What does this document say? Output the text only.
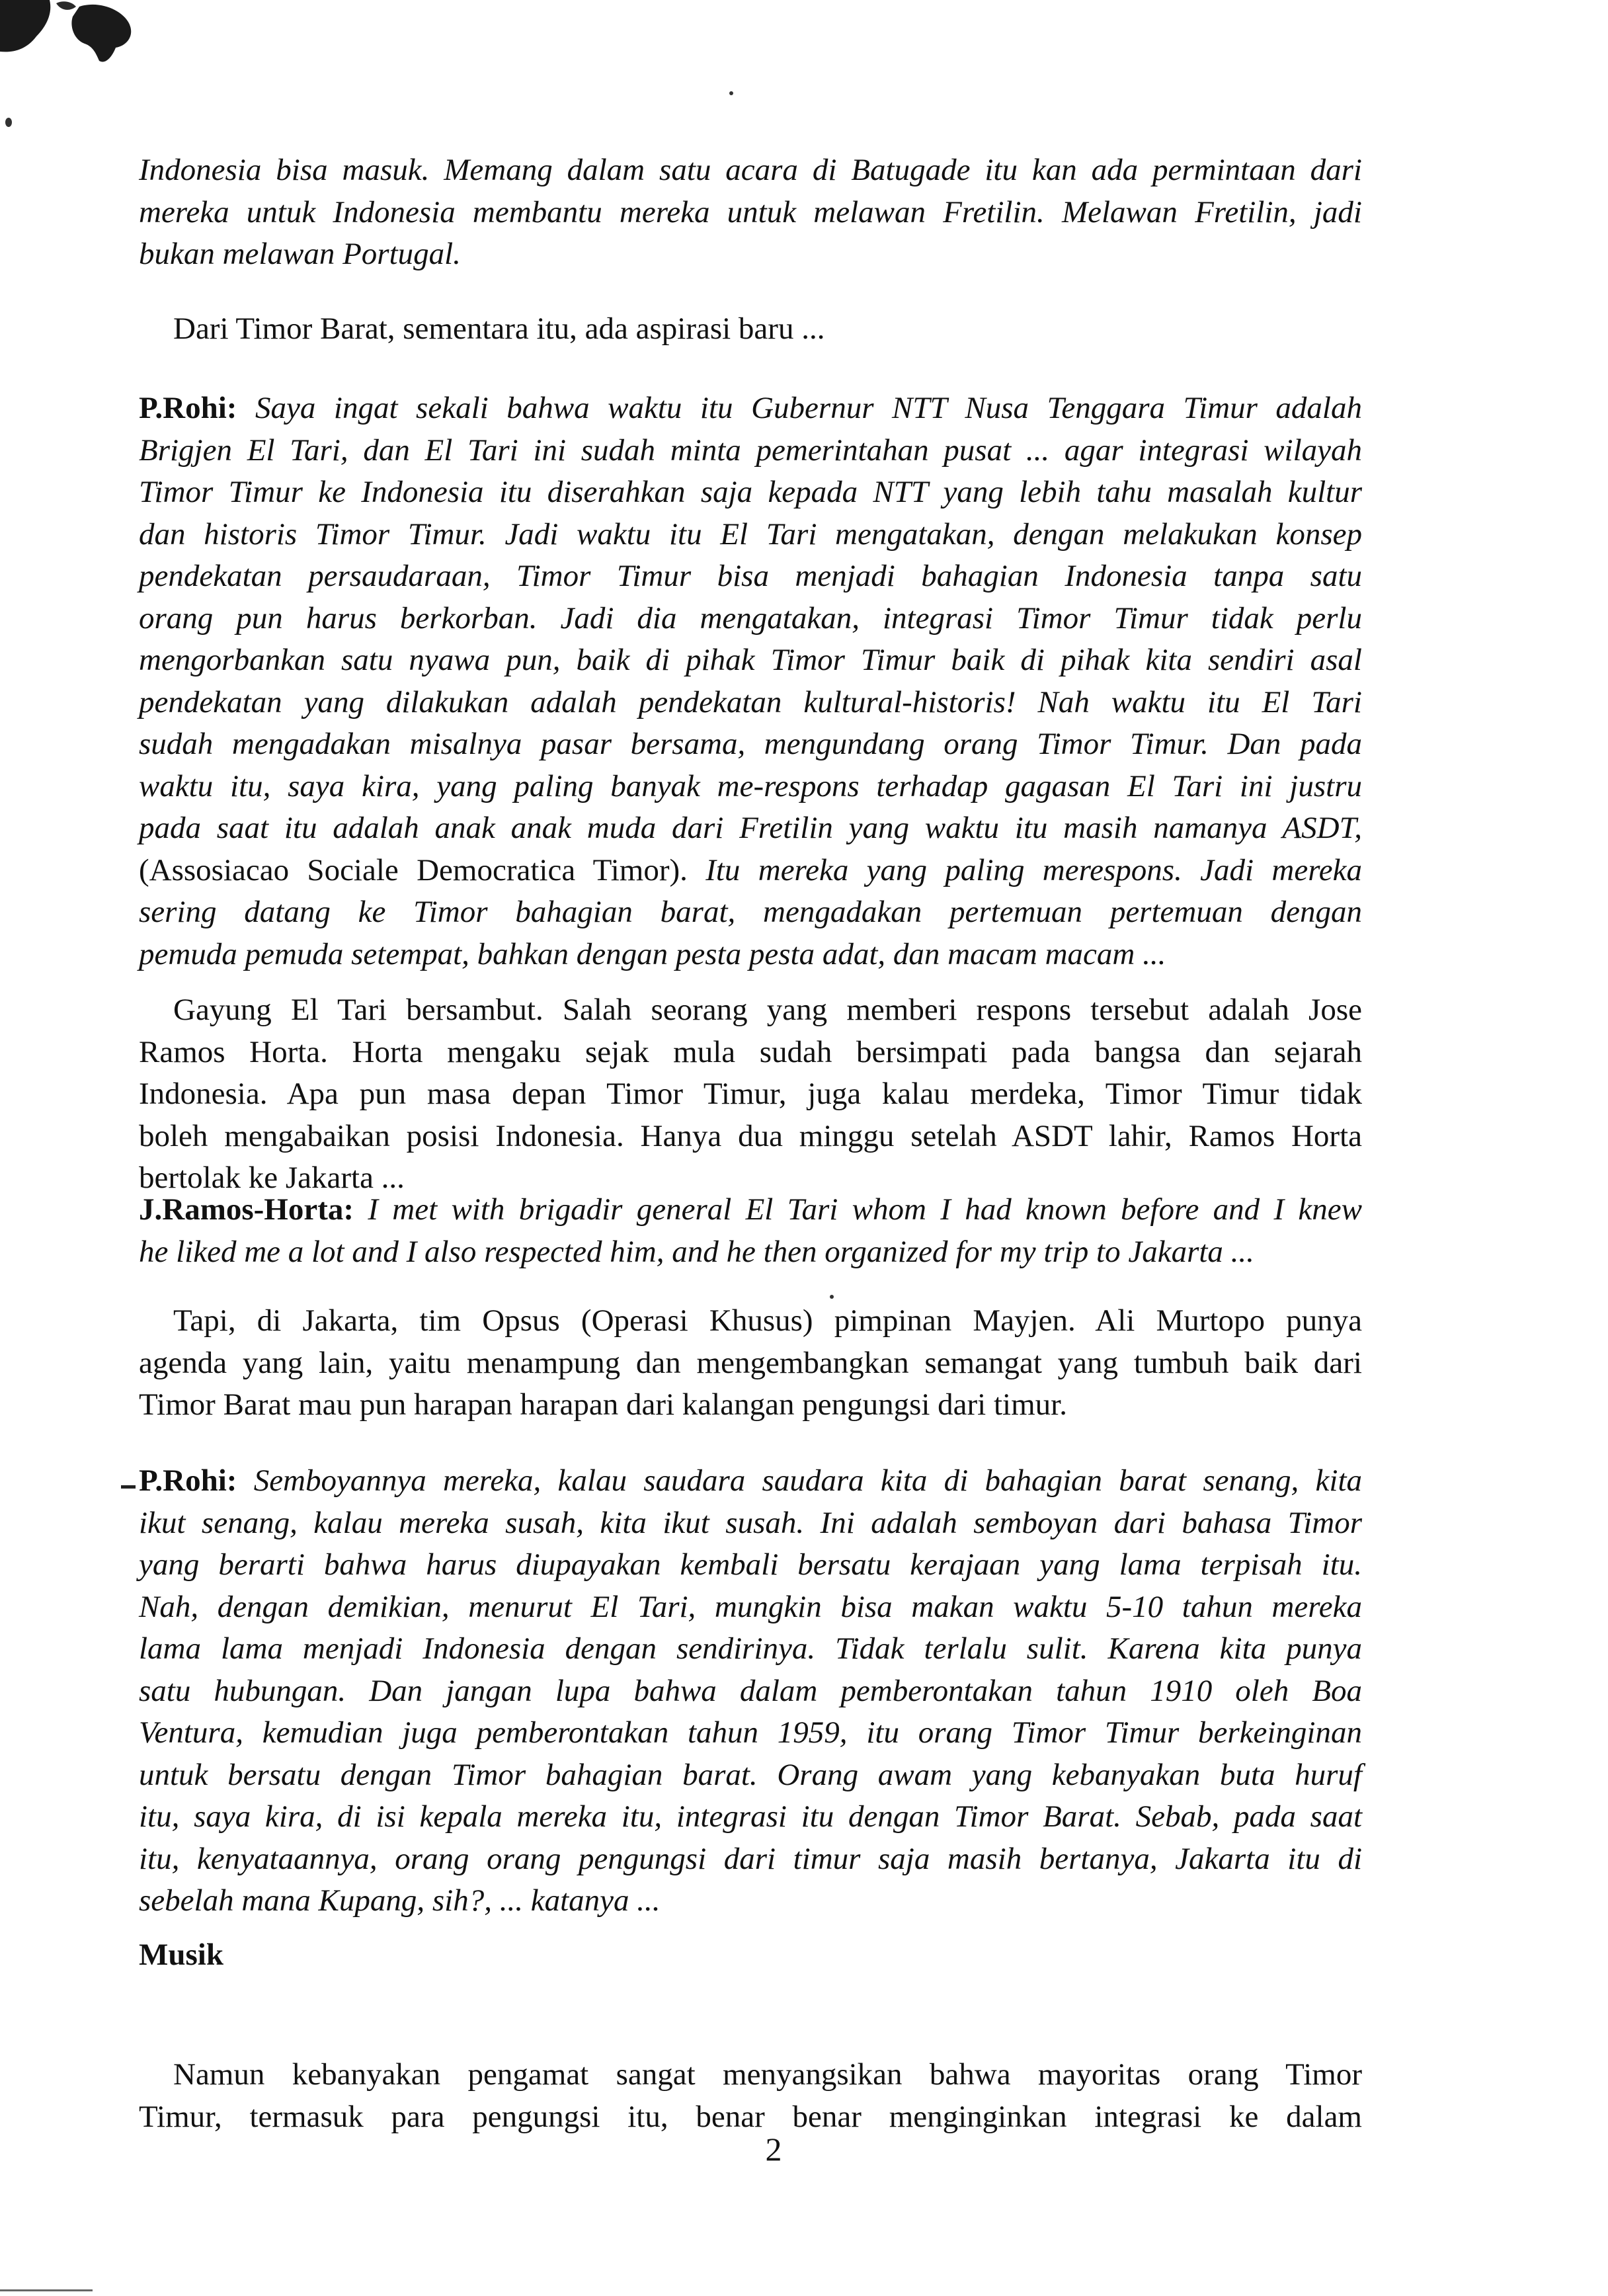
Indonesia bisa masuk. Memang dalam satu acara di Batugade itu kan ada permintaan dari
mereka untuk Indonesia membantu mereka untuk melawan Fretilin. Melawan Fretilin, jadi
bukan melawan Portugal.
Dari Timor Barat, sementara itu, ada aspirasi baru ...
P.Rohi: Saya ingat sekali bahwa waktu itu Gubernur NTT Nusa Tenggara Timur adalah
Brigjen El Tari, dan El Tari ini sudah minta pemerintahan pusat ... agar integrasi wilayah
Timor Timur ke Indonesia itu diserahkan saja kepada NTT yang lebih tahu masalah kultur
dan historis Timor Timur. Jadi waktu itu El Tari mengatakan, dengan melakukan konsep
pendekatan persaudaraan, Timor Timur bisa menjadi bahagian Indonesia tanpa satu
orang pun harus berkorban. Jadi dia mengatakan, integrasi Timor Timur tidak perlu
mengorbankan satu nyawa pun, baik di pihak Timor Timur baik di pihak kita sendiri asal
pendekatan yang dilakukan adalah pendekatan kultural-historis! Nah waktu itu El Tari
sudah mengadakan misalnya pasar bersama, mengundang orang Timor Timur. Dan pada
waktu itu, saya kira, yang paling banyak me-respons terhadap gagasan El Tari ini justru
pada saat itu adalah anak anak muda dari Fretilin yang waktu itu masih namanya ASDT,
(Assosiacao Sociale Democratica Timor). Itu mereka yang paling merespons. Jadi mereka
sering datang ke Timor bahagian barat, mengadakan pertemuan pertemuan dengan
pemuda pemuda setempat, bahkan dengan pesta pesta adat, dan macam macam ...
Gayung El Tari bersambut. Salah seorang yang memberi respons tersebut adalah Jose
Ramos Horta. Horta mengaku sejak mula sudah bersimpati pada bangsa dan sejarah
Indonesia. Apa pun masa depan Timor Timur, juga kalau merdeka, Timor Timur tidak
boleh mengabaikan posisi Indonesia. Hanya dua minggu setelah ASDT lahir, Ramos Horta
bertolak ke Jakarta ...
J.Ramos-Horta: I met with brigadir general El Tari whom I had known before and I knew
he liked me a lot and I also respected him, and he then organized for my trip to Jakarta ...
Tapi, di Jakarta, tim Opsus (Operasi Khusus) pimpinan Mayjen. Ali Murtopo punya
agenda yang lain, yaitu menampung dan mengembangkan semangat yang tumbuh baik dari
Timor Barat mau pun harapan harapan dari kalangan pengungsi dari timur.
P.Rohi: Semboyannya mereka, kalau saudara saudara kita di bahagian barat senang, kita
ikut senang, kalau mereka susah, kita ikut susah. Ini adalah semboyan dari bahasa Timor
yang berarti bahwa harus diupayakan kembali bersatu kerajaan yang lama terpisah itu.
Nah, dengan demikian, menurut El Tari, mungkin bisa makan waktu 5-10 tahun mereka
lama lama menjadi Indonesia dengan sendirinya. Tidak terlalu sulit. Karena kita punya
satu hubungan. Dan jangan lupa bahwa dalam pemberontakan tahun 1910 oleh Boa
Ventura, kemudian juga pemberontakan tahun 1959, itu orang Timor Timur berkeinginan
untuk bersatu dengan Timor bahagian barat. Orang awam yang kebanyakan buta huruf
itu, saya kira, di isi kepala mereka itu, integrasi itu dengan Timor Barat. Sebab, pada saat
itu, kenyataannya, orang orang pengungsi dari timur saja masih bertanya, Jakarta itu di
sebelah mana Kupang, sih?, ... katanya ...
Musik
Namun kebanyakan pengamat sangat menyangsikan bahwa mayoritas orang Timor
Timur, termasuk para pengungsi itu, benar benar menginginkan integrasi ke dalam
2
